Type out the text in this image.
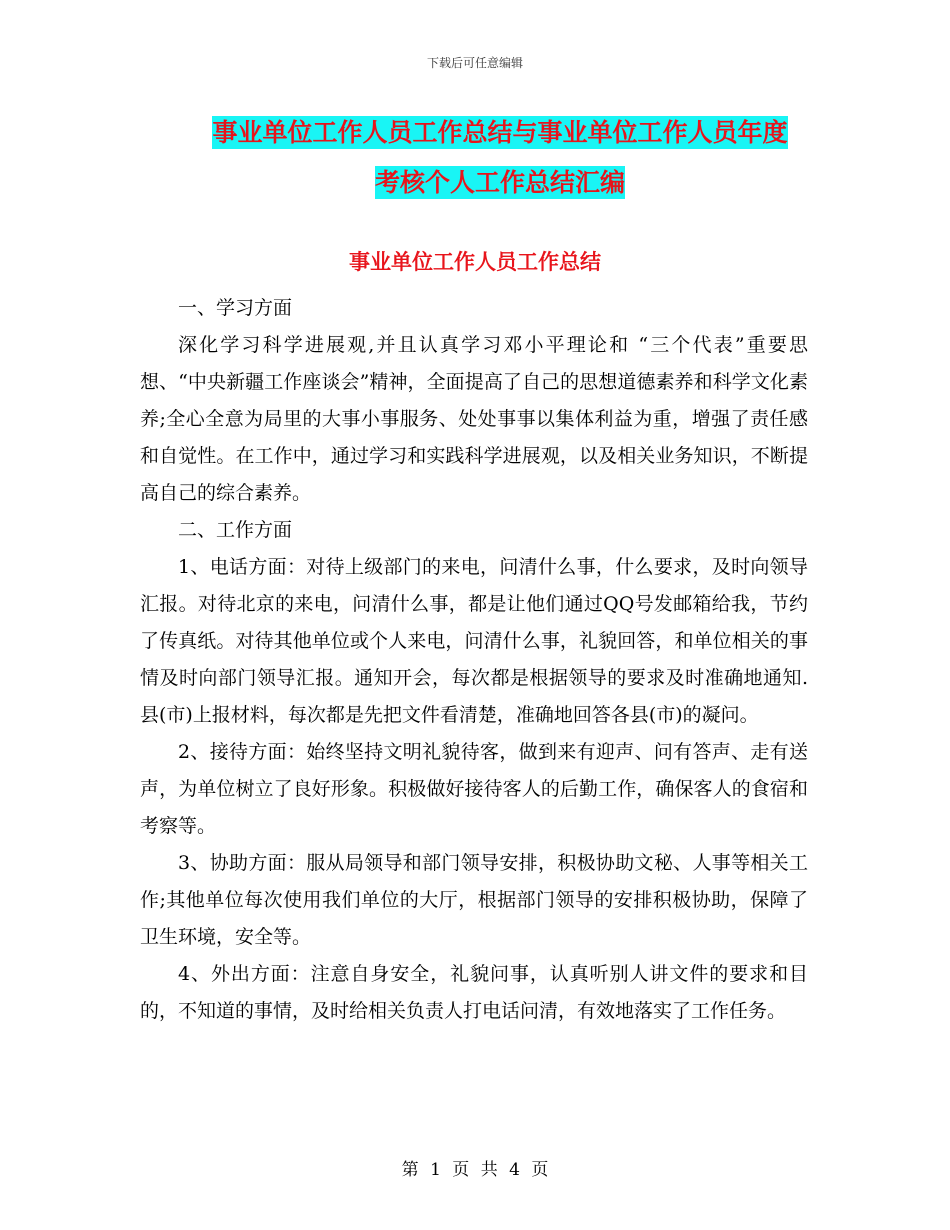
下载后可任意编辑
事业单位工作人员工作总结与事业单位工作人员年度
考核个人工作总结汇编
事业单位工作人员工作总结

一、学习方面

深化学习科学进展观,并且认真学习邓小平理论和 “三个代表”重要思想、“中央新疆工作座谈会”精神，全面提高了自己的思想道德素养和科学文化素养;全心全意为局里的大事小事服务、处处事事以集体利益为重，增强了责任感和自觉性。在工作中，通过学习和实践科学进展观，以及相关业务知识，不断提高自己的综合素养。

二、工作方面

1、电话方面：对待上级部门的来电，问清什么事，什么要求，及时向领导汇报。对待北京的来电，问清什么事，都是让他们通过QQ号发邮箱给我，节约了传真纸。对待其他单位或个人来电，问清什么事，礼貌回答，和单位相关的事情及时向部门领导汇报。通知开会，每次都是根据领导的要求及时准确地通知. 县(市)上报材料，每次都是先把文件看清楚，准确地回答各县(市)的凝问。

2、接待方面：始终坚持文明礼貌待客，做到来有迎声、问有答声、走有送声，为单位树立了良好形象。积极做好接待客人的后勤工作，确保客人的食宿和考察等。

3、协助方面：服从局领导和部门领导安排，积极协助文秘、人事等相关工作;其他单位每次使用我们单位的大厅，根据部门领导的安排积极协助，保障了卫生环境，安全等。

4、外出方面：注意自身安全，礼貌问事，认真听别人讲文件的要求和目的，不知道的事情，及时给相关负责人打电话问清，有效地落实了工作任务。

第 1 页 共 4 页
